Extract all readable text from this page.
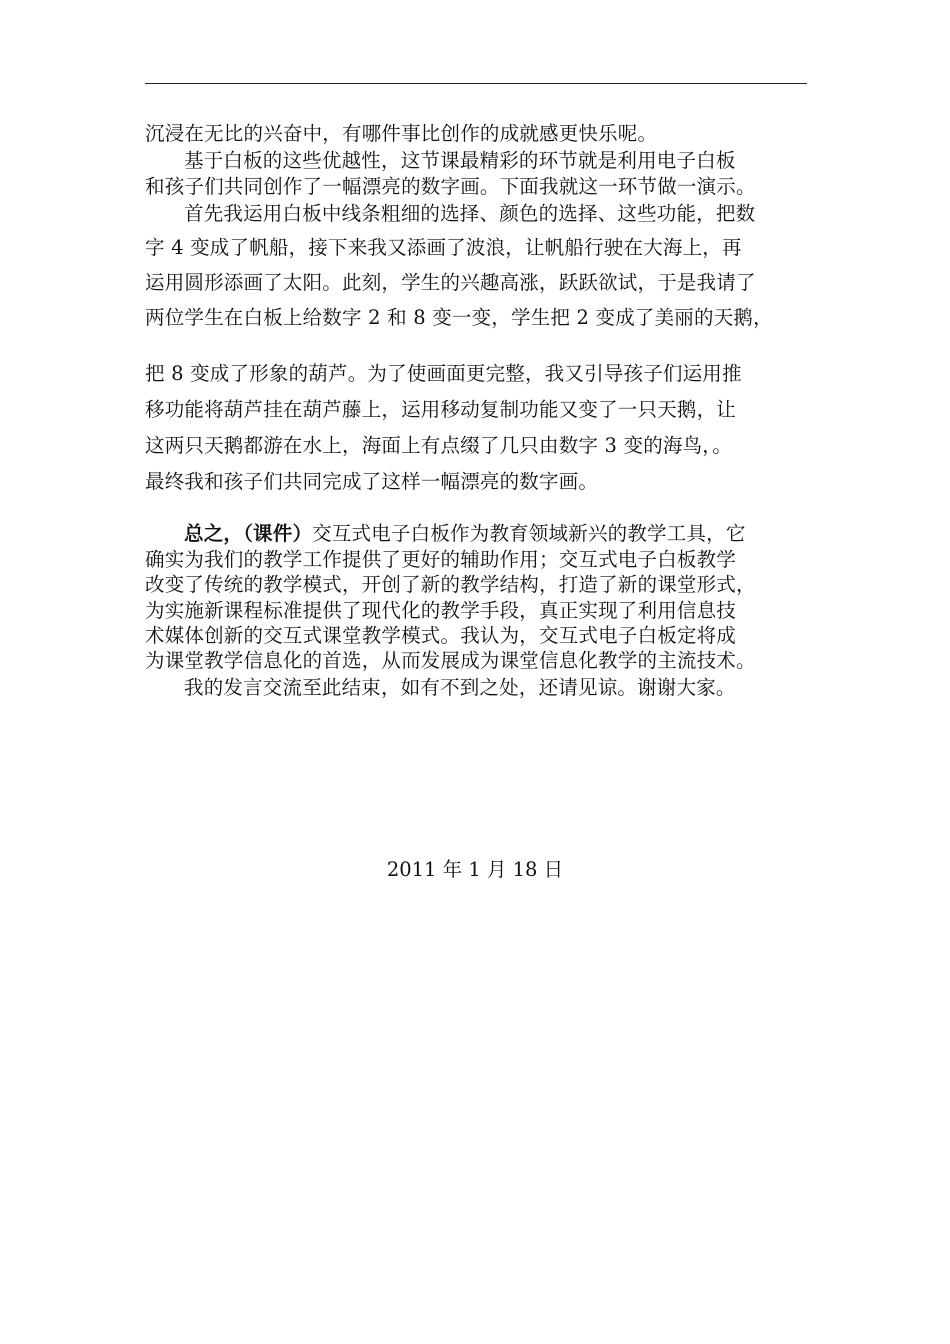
沉浸在无比的兴奋中，有哪件事比创作的成就感更快乐呢。
基于白板的这些优越性，这节课最精彩的环节就是利用电子白板
和孩子们共同创作了一幅漂亮的数字画。下面我就这一环节做一演示。
首先我运用白板中线条粗细的选择、颜色的选择、这些功能，把数
字 4 变成了帆船，接下来我又添画了波浪，让帆船行驶在大海上，再
运用圆形添画了太阳。此刻，学生的兴趣高涨，跃跃欲试，于是我请了
两位学生在白板上给数字 2 和 8 变一变，学生把 2 变成了美丽的天鹅，
把 8 变成了形象的葫芦。为了使画面更完整，我又引导孩子们运用推
移功能将葫芦挂在葫芦藤上，运用移动复制功能又变了一只天鹅，让
这两只天鹅都游在水上，海面上有点缀了几只由数字 3 变的海鸟，。
最终我和孩子们共同完成了这样一幅漂亮的数字画。
总之，（课件）交互式电子白板作为教育领域新兴的教学工具，它
确实为我们的教学工作提供了更好的辅助作用；交互式电子白板教学
改变了传统的教学模式，开创了新的教学结构，打造了新的课堂形式，
为实施新课程标准提供了现代化的教学手段，真正实现了利用信息技
术媒体创新的交互式课堂教学模式。我认为，交互式电子白板定将成
为课堂教学信息化的首选，从而发展成为课堂信息化教学的主流技术。
我的发言交流至此结束，如有不到之处，还请见谅。谢谢大家。
2011 年 1 月 18 日
